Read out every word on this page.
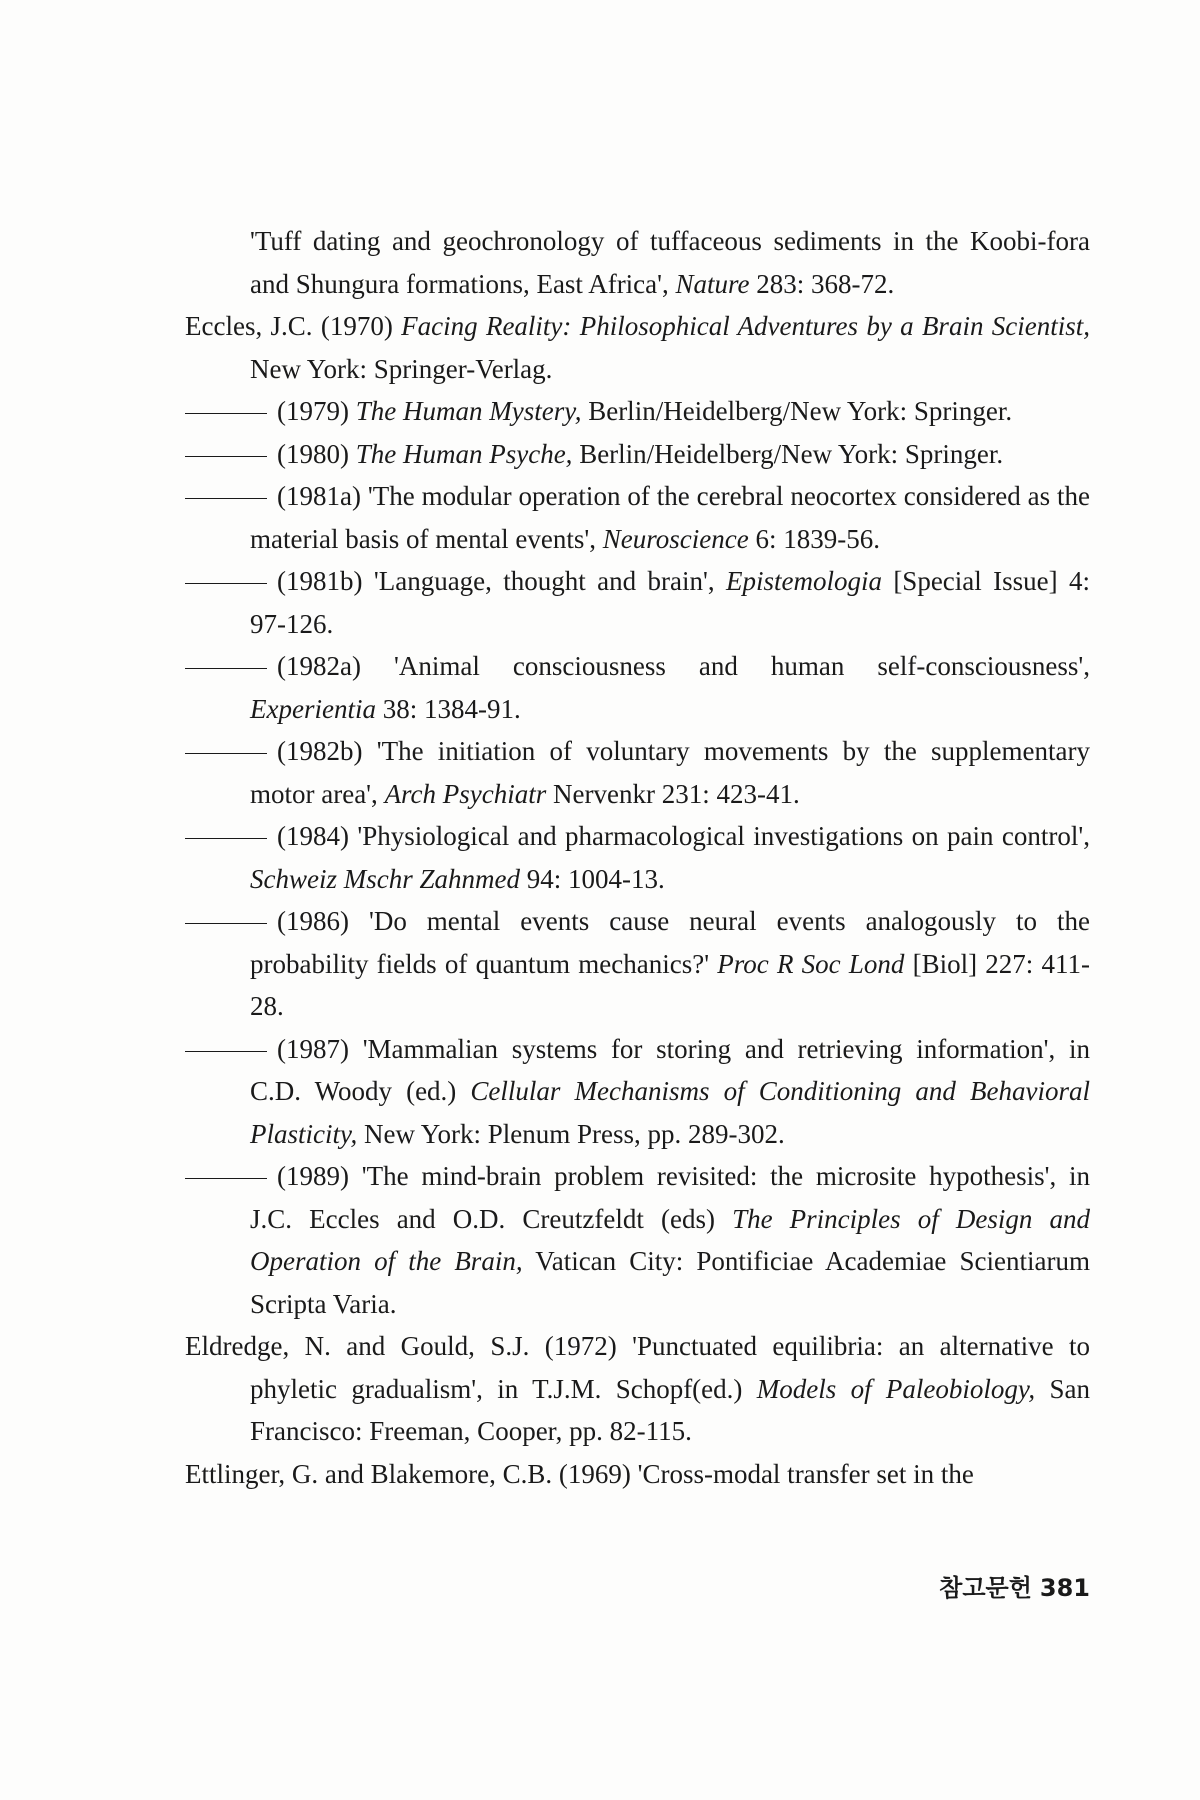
'Tuff dating and geochronology of tuffaceous sediments in the Koobi-fora and Shungura formations, East Africa', Nature 283: 368-72.
Eccles, J.C. (1970) Facing Reality: Philosophical Adventures by a Brain Scientist, New York: Springer-Verlag.
(1979) The Human Mystery, Berlin/Heidelberg/New York: Springer.
(1980) The Human Psyche, Berlin/Heidelberg/New York: Springer.
(1981a) 'The modular operation of the cerebral neocortex considered as the material basis of mental events', Neuroscience 6: 1839-56.
(1981b) 'Language, thought and brain', Epistemologia [Special Issue] 4: 97-126.
(1982a) 'Animal consciousness and human self-consciousness', Experientia 38: 1384-91.
(1982b) 'The initiation of voluntary movements by the supplementary motor area', Arch Psychiatr Nervenkr 231: 423-41.
(1984) 'Physiological and pharmacological investigations on pain control', Schweiz Mschr Zahnmed 94: 1004-13.
(1986) 'Do mental events cause neural events analogously to the probability fields of quantum mechanics?' Proc R Soc Lond [Biol] 227: 411-28.
(1987) 'Mammalian systems for storing and retrieving information', in C.D. Woody (ed.) Cellular Mechanisms of Conditioning and Behavioral Plasticity, New York: Plenum Press, pp. 289-302.
(1989) 'The mind-brain problem revisited: the microsite hypothesis', in J.C. Eccles and O.D. Creutzfeldt (eds) The Principles of Design and Operation of the Brain, Vatican City: Pontificiae Academiae Scientiarum Scripta Varia.
Eldredge, N. and Gould, S.J. (1972) 'Punctuated equilibria: an alternative to phyletic gradualism', in T.J.M. Schopf(ed.) Models of Paleobiology, San Francisco: Freeman, Cooper, pp. 82-115.
Ettlinger, G. and Blakemore, C.B. (1969) 'Cross-modal transfer set in the
참고문헌 381
